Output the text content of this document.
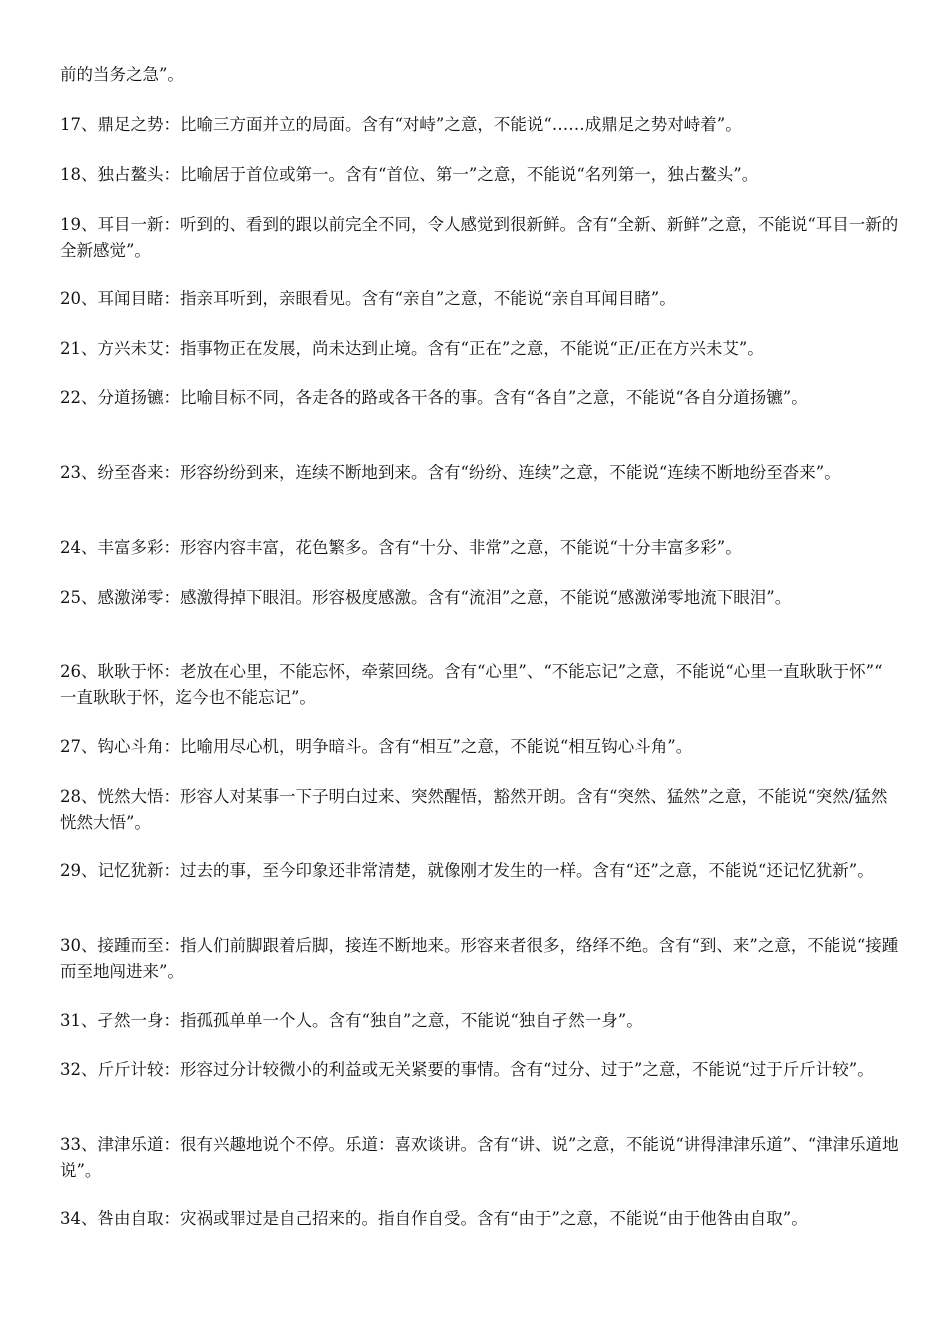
前的当务之急”。

17、鼎足之势：比喻三方面并立的局面。含有“对峙”之意，不能说“……成鼎足之势对峙着”。

18、独占鳌头：比喻居于首位或第一。含有“首位、第一”之意，不能说“名列第一，独占鳌头”。

19、耳目一新：听到的、看到的跟以前完全不同，令人感觉到很新鲜。含有“全新、新鲜”之意，不能说“耳目一新的全新感觉”。

20、耳闻目睹：指亲耳听到，亲眼看见。含有“亲自”之意，不能说“亲自耳闻目睹”。

21、方兴未艾：指事物正在发展，尚未达到止境。含有“正在”之意，不能说“正/正在方兴未艾”。

22、分道扬镳：比喻目标不同，各走各的路或各干各的事。含有“各自”之意，不能说“各自分道扬镳”。

23、纷至沓来：形容纷纷到来，连续不断地到来。含有“纷纷、连续”之意，不能说“连续不断地纷至沓来”。

24、丰富多彩：形容内容丰富，花色繁多。含有“十分、非常”之意，不能说“十分丰富多彩”。

25、感激涕零：感激得掉下眼泪。形容极度感激。含有“流泪”之意，不能说“感激涕零地流下眼泪”。

26、耿耿于怀：老放在心里，不能忘怀，牵萦回绕。含有“心里”、“不能忘记”之意，不能说“心里一直耿耿于怀”“ 一直耿耿于怀，迄今也不能忘记”。

27、钩心斗角：比喻用尽心机，明争暗斗。含有“相互”之意，不能说“相互钩心斗角”。

28、恍然大悟：形容人对某事一下子明白过来、突然醒悟，豁然开朗。含有“突然、猛然”之意，不能说“突然/猛然恍然大悟”。

29、记忆犹新：过去的事，至今印象还非常清楚，就像刚才发生的一样。含有“还”之意，不能说“还记忆犹新”。

30、接踵而至：指人们前脚跟着后脚，接连不断地来。形容来者很多，络绎不绝。含有“到、来”之意，不能说“接踵而至地闯进来”。

31、孑然一身：指孤孤单单一个人。含有“独自”之意，不能说“独自孑然一身”。

32、斤斤计较：形容过分计较微小的利益或无关紧要的事情。含有“过分、过于”之意，不能说“过于斤斤计较”。

33、津津乐道：很有兴趣地说个不停。乐道：喜欢谈讲。含有“讲、说”之意，不能说“讲得津津乐道”、“津津乐道地说”。

34、咎由自取：灾祸或罪过是自己招来的。指自作自受。含有“由于”之意，不能说“由于他咎由自取”。
